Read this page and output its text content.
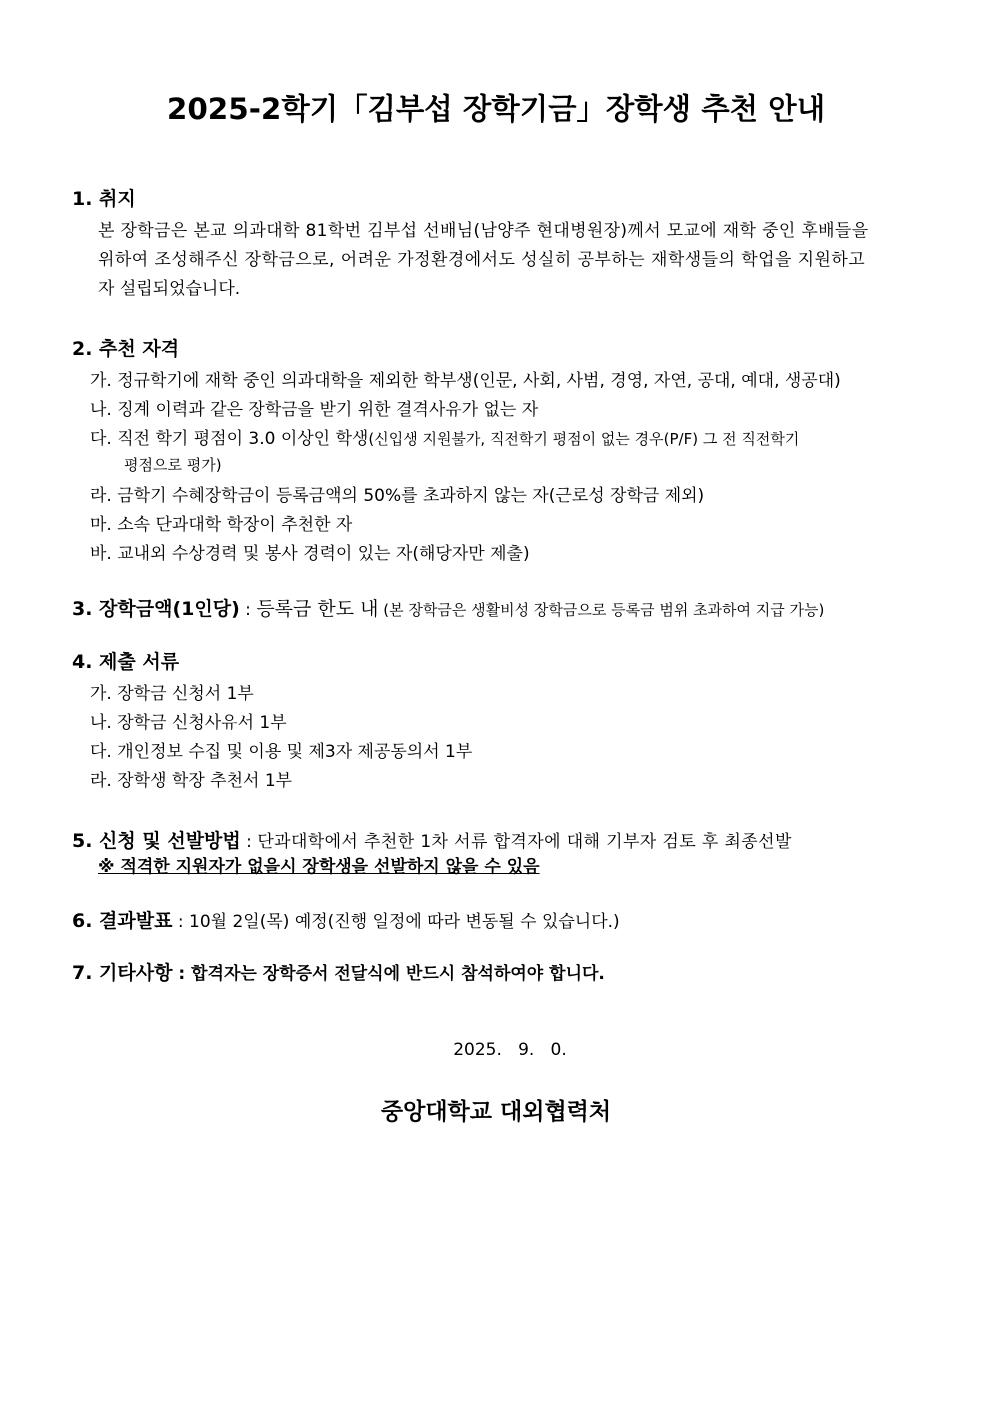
2025-2학기「김부섭 장학기금」장학생 추천 안내
1. 취지
본 장학금은 본교 의과대학 81학번 김부섭 선배님(남양주 현대병원장)께서 모교에 재학 중인 후배들을
위하여 조성해주신 장학금으로, 어려운 가정환경에서도 성실히 공부하는 재학생들의 학업을 지원하고
자 설립되었습니다.
2. 추천 자격
가. 정규학기에 재학 중인 의과대학을 제외한 학부생(인문, 사회, 사범, 경영, 자연, 공대, 예대, 생공대)
나. 징계 이력과 같은 장학금을 받기 위한 결격사유가 없는 자
다. 직전 학기 평점이 3.0 이상인 학생(신입생 지원불가, 직전학기 평점이 없는 경우(P/F) 그 전 직전학기
평점으로 평가)
라. 금학기 수혜장학금이 등록금액의 50%를 초과하지 않는 자(근로성 장학금 제외)
마. 소속 단과대학 학장이 추천한 자
바. 교내외 수상경력 및 봉사 경력이 있는 자(해당자만 제출)
3. 장학금액(1인당) : 등록금 한도 내 (본 장학금은 생활비성 장학금으로 등록금 범위 초과하여 지급 가능)
4. 제출 서류
가. 장학금 신청서 1부
나. 장학금 신청사유서 1부
다. 개인정보 수집 및 이용 및 제3자 제공동의서 1부
라. 장학생 학장 추천서 1부
5. 신청 및 선발방법 : 단과대학에서 추천한 1차 서류 합격자에 대해 기부자 검토 후 최종선발
※ 적격한 지원자가 없을시 장학생을 선발하지 않을 수 있음
6. 결과발표 : 10월 2일(목) 예정(진행 일정에 따라 변동될 수 있습니다.)
7. 기타사항 : 합격자는 장학증서 전달식에 반드시 참석하여야 합니다.
2025.   9.   0.
중앙대학교 대외협력처
